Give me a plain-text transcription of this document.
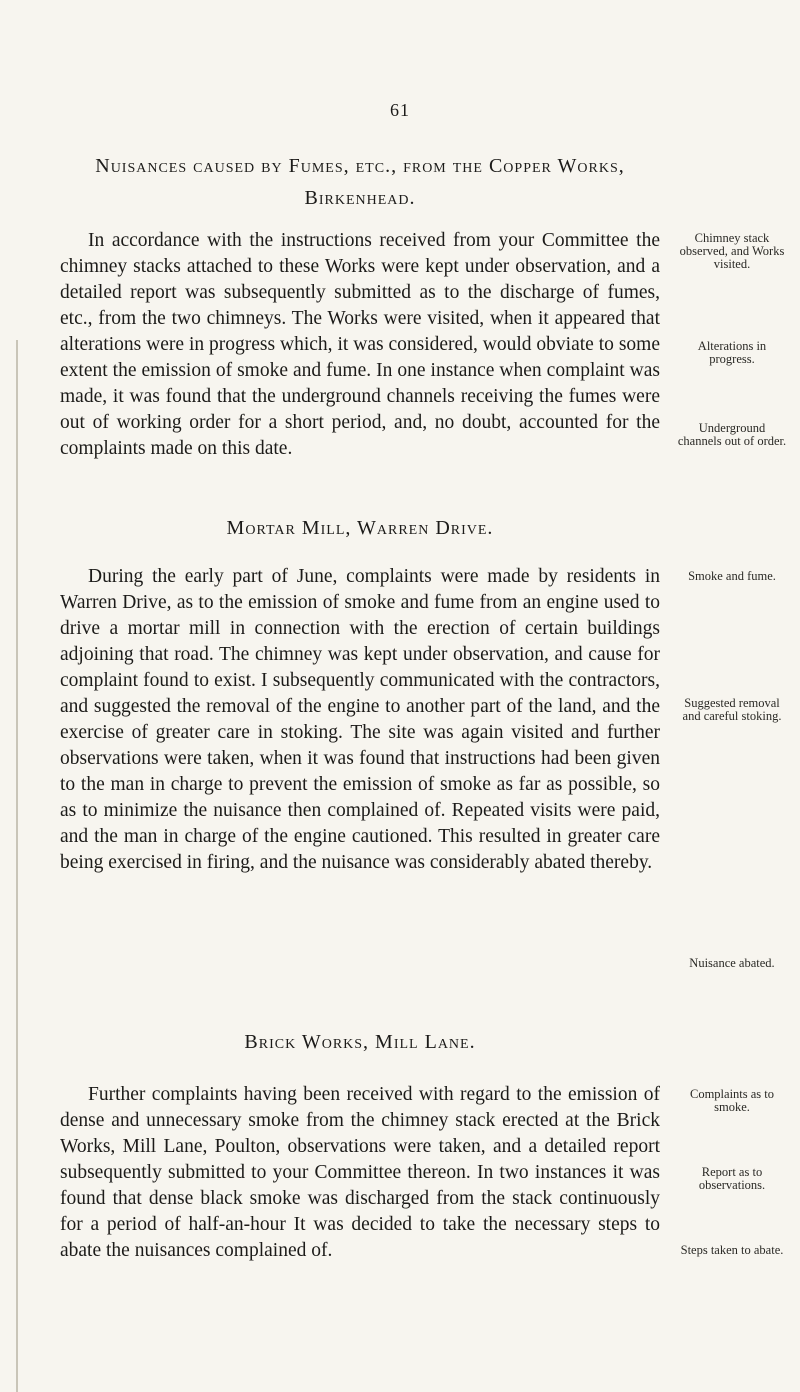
61
Nuisances caused by Fumes, etc., from the Copper Works,
Birkenhead.

In accordance with the instructions received from your Committee the chimney stacks attached to these Works were kept under observation, and a detailed report was subsequently submitted as to the discharge of fumes, etc., from the two chimneys. The Works were visited, when it appeared that alterations were in progress which, it was considered, would obviate to some extent the emission of smoke and fume. In one instance when complaint was made, it was found that the underground channels receiving the fumes were out of working order for a short period, and, no doubt, accounted for the complaints made on this date.

Chimney stack observed, and Works visited.
Alterations in progress.
Underground channels out of order.
Mortar Mill, Warren Drive.

During the early part of June, complaints were made by residents in Warren Drive, as to the emission of smoke and fume from an engine used to drive a mortar mill in connection with the erection of certain buildings adjoining that road. The chimney was kept under observation, and cause for complaint found to exist. I subsequently communicated with the contractors, and suggested the removal of the engine to another part of the land, and the exercise of greater care in stoking. The site was again visited and further observations were taken, when it was found that instructions had been given to the man in charge to prevent the emission of smoke as far as possible, so as to minimize the nuisance then complained of. Repeated visits were paid, and the man in charge of the engine cautioned. This resulted in greater care being exercised in firing, and the nuisance was considerably abated thereby.

Smoke and fume.
Suggested removal and careful stoking.
Nuisance abated.
Brick Works, Mill Lane.

Further complaints having been received with regard to the emission of dense and unnecessary smoke from the chimney stack erected at the Brick Works, Mill Lane, Poulton, observations were taken, and a detailed report subsequently submitted to your Committee thereon. In two instances it was found that dense black smoke was discharged from the stack continuously for a period of half-an-hour It was decided to take the necessary steps to abate the nuisances complained of.

Complaints as to smoke.
Report as to observations.
Steps taken to abate.
